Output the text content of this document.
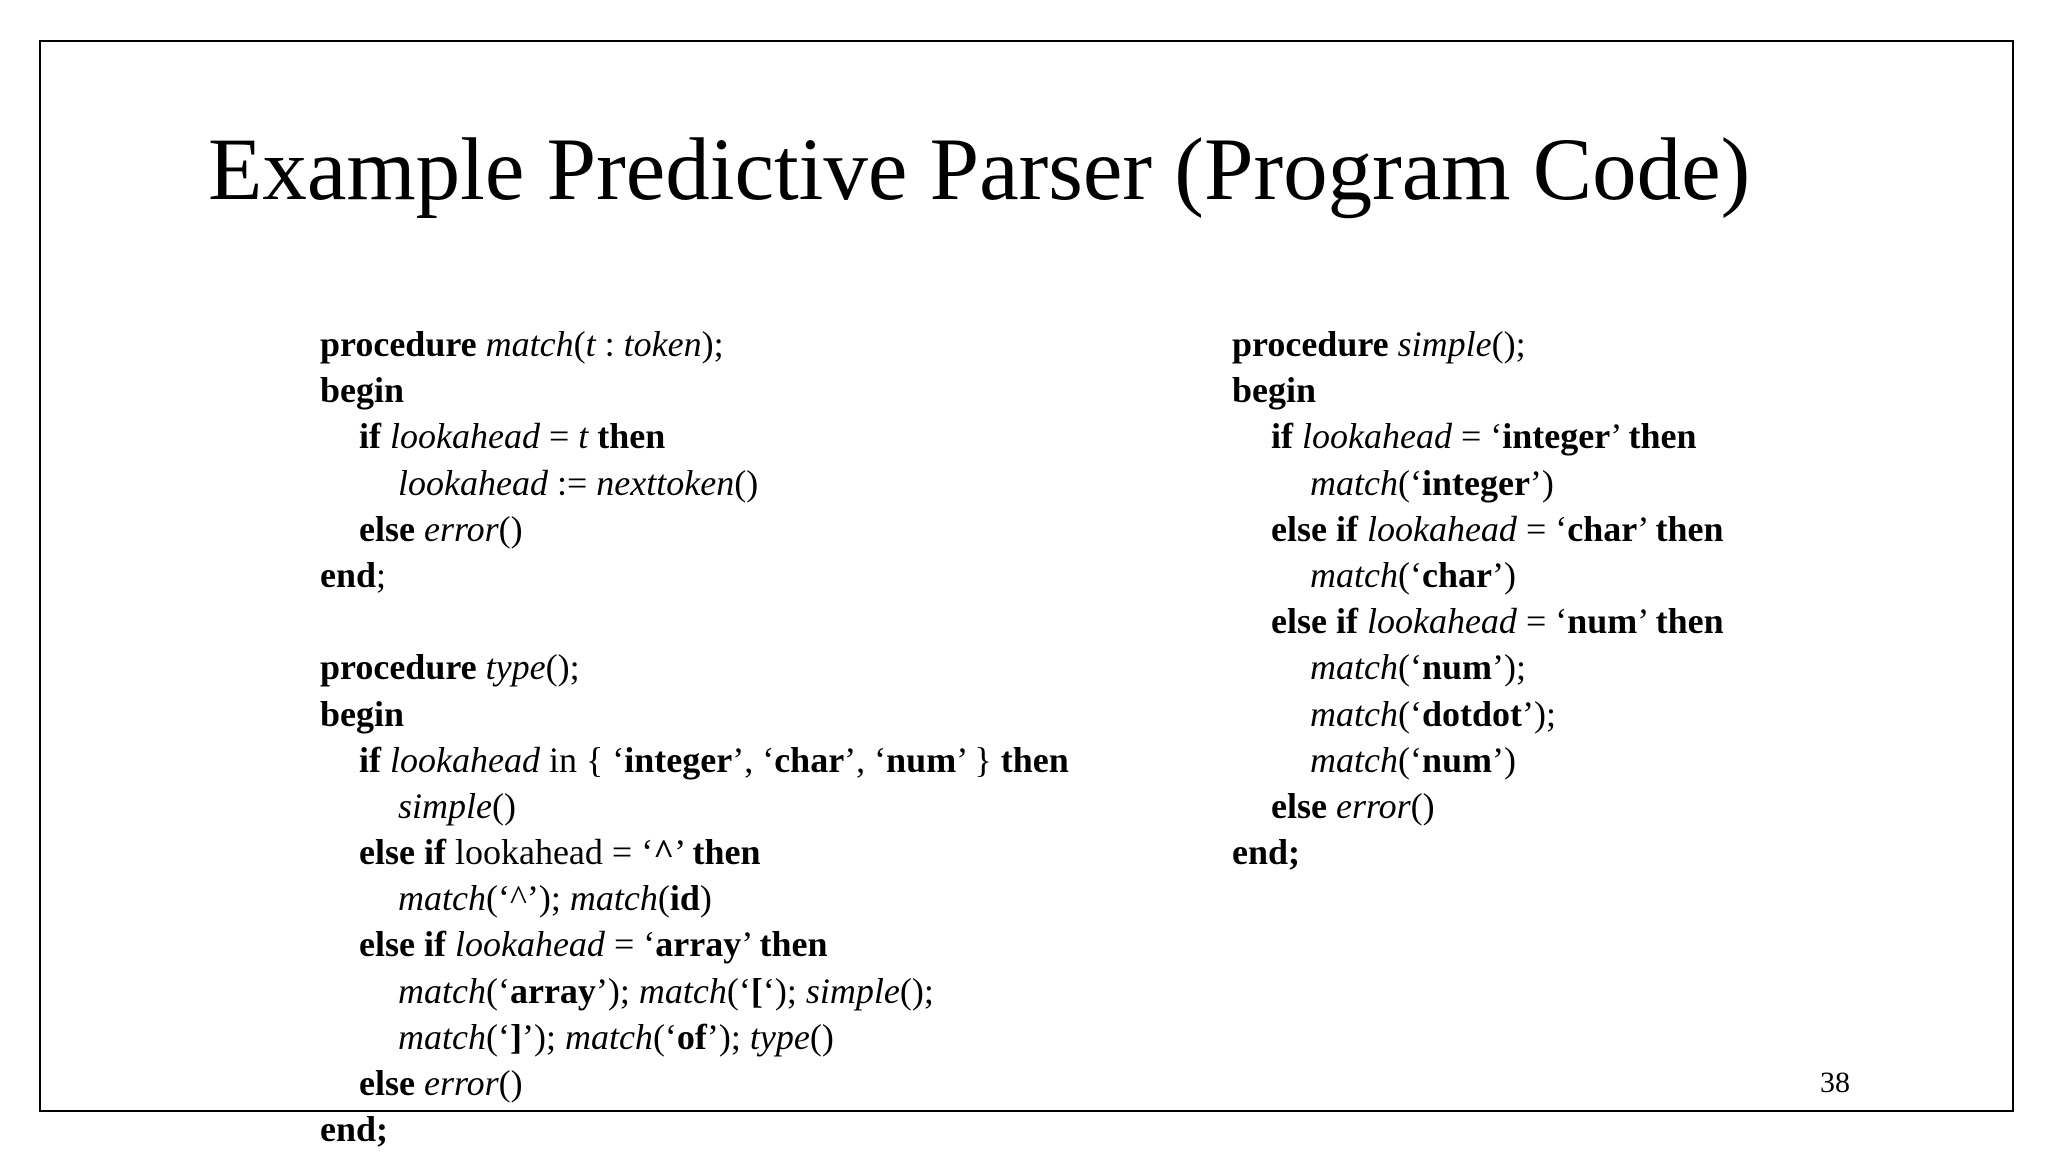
Example Predictive Parser (Program Code)
procedure match(t : token);
begin
if lookahead = t then
lookahead := nexttoken()
else error()
end;
procedure type();
begin
if lookahead in { ‘integer’, ‘char’, ‘num’ } then
simple()
else if lookahead = ‘^’ then
match(‘^’); match(id)
else if lookahead = ‘array’ then
match(‘array’); match(‘[‘); simple();
match(‘]’); match(‘of’); type()
else error()
end;
procedure simple();
begin
if lookahead = ‘integer’ then
match(‘integer’)
else if lookahead = ‘char’ then
match(‘char’)
else if lookahead = ‘num’ then
match(‘num’);
match(‘dotdot’);
match(‘num’)
else error()
end;
38
